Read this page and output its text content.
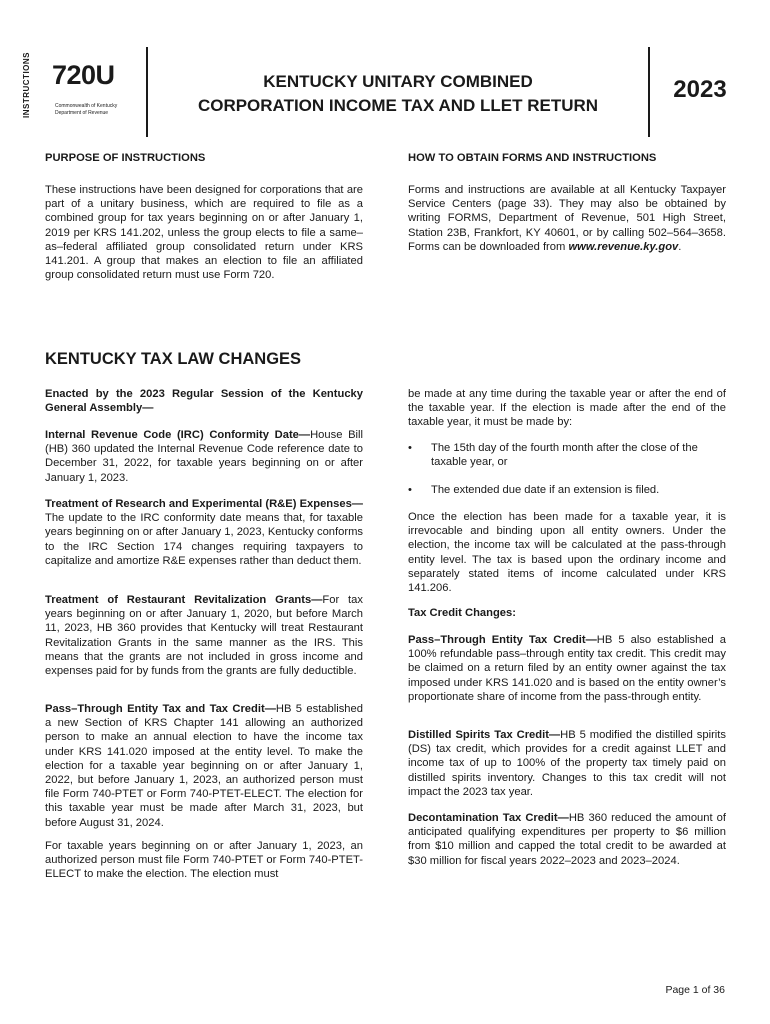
INSTRUCTIONS 720U
Commonwealth of Kentucky
Department of Revenue
KENTUCKY UNITARY COMBINED
CORPORATION INCOME TAX AND LLET RETURN
2023
PURPOSE OF INSTRUCTIONS
These instructions have been designed for corporations that are part of a unitary business, which are required to file as a combined group for tax years beginning on or after January 1, 2019 per KRS 141.202, unless the group elects to file a same–as–federal affiliated group consolidated return under KRS 141.201. A group that makes an election to file an affiliated group consolidated return must use Form 720.
HOW TO OBTAIN FORMS AND INSTRUCTIONS
Forms and instructions are available at all Kentucky Taxpayer Service Centers (page 33). They may also be obtained by writing FORMS, Department of Revenue, 501 High Street, Station 23B, Frankfort, KY 40601, or by calling 502–564–3658. Forms can be downloaded from www.revenue.ky.gov.
KENTUCKY TAX LAW CHANGES
Enacted by the 2023 Regular Session of the Kentucky General Assembly—
Internal Revenue Code (IRC) Conformity Date—House Bill (HB) 360 updated the Internal Revenue Code reference date to December 31, 2022, for taxable years beginning on or after January 1, 2023.
Treatment of Research and Experimental (R&E) Expenses—The update to the IRC conformity date means that, for taxable years beginning on or after January 1, 2023, Kentucky conforms to the IRC Section 174 changes requiring taxpayers to capitalize and amortize R&E expenses rather than deduct them.
Treatment of Restaurant Revitalization Grants—For tax years beginning on or after January 1, 2020, but before March 11, 2023, HB 360 provides that Kentucky will treat Restaurant Revitalization Grants in the same manner as the IRS. This means that the grants are not included in gross income and expenses paid for by funds from the grants are fully deductible.
Pass–Through Entity Tax and Tax Credit—HB 5 established a new Section of KRS Chapter 141 allowing an authorized person to make an annual election to have the income tax under KRS 141.020 imposed at the entity level. To make the election for a taxable year beginning on or after January 1, 2022, but before January 1, 2023, an authorized person must file Form 740-PTET or Form 740-PTET-ELECT. The election for this taxable year must be made after March 31, 2023, but before August 31, 2024.
For taxable years beginning on or after January 1, 2023, an authorized person must file Form 740-PTET or Form 740-PTET-ELECT to make the election. The election must
be made at any time during the taxable year or after the end of the taxable year. If the election is made after the end of the taxable year, it must be made by:
• The 15th day of the fourth month after the close of the taxable year, or
• The extended due date if an extension is filed.
Once the election has been made for a taxable year, it is irrevocable and binding upon all entity owners. Under the election, the income tax will be calculated at the pass-through entity level. The tax is based upon the ordinary income and separately stated items of income calculated under KRS 141.206.
Tax Credit Changes:
Pass–Through Entity Tax Credit—HB 5 also established a 100% refundable pass–through entity tax credit. This credit may be claimed on a return filed by an entity owner against the tax imposed under KRS 141.020 and is based on the entity owner’s proportionate share of income from the pass-through entity.
Distilled Spirits Tax Credit—HB 5 modified the distilled spirits (DS) tax credit, which provides for a credit against LLET and income tax of up to 100% of the property tax timely paid on distilled spirits inventory. Changes to this tax credit will not impact the 2023 tax year.
Decontamination Tax Credit—HB 360 reduced the amount of anticipated qualifying expenditures per property to $6 million from $10 million and capped the total credit to be awarded at $30 million for fiscal years 2022–2023 and 2023–2024.
Page 1 of 36
